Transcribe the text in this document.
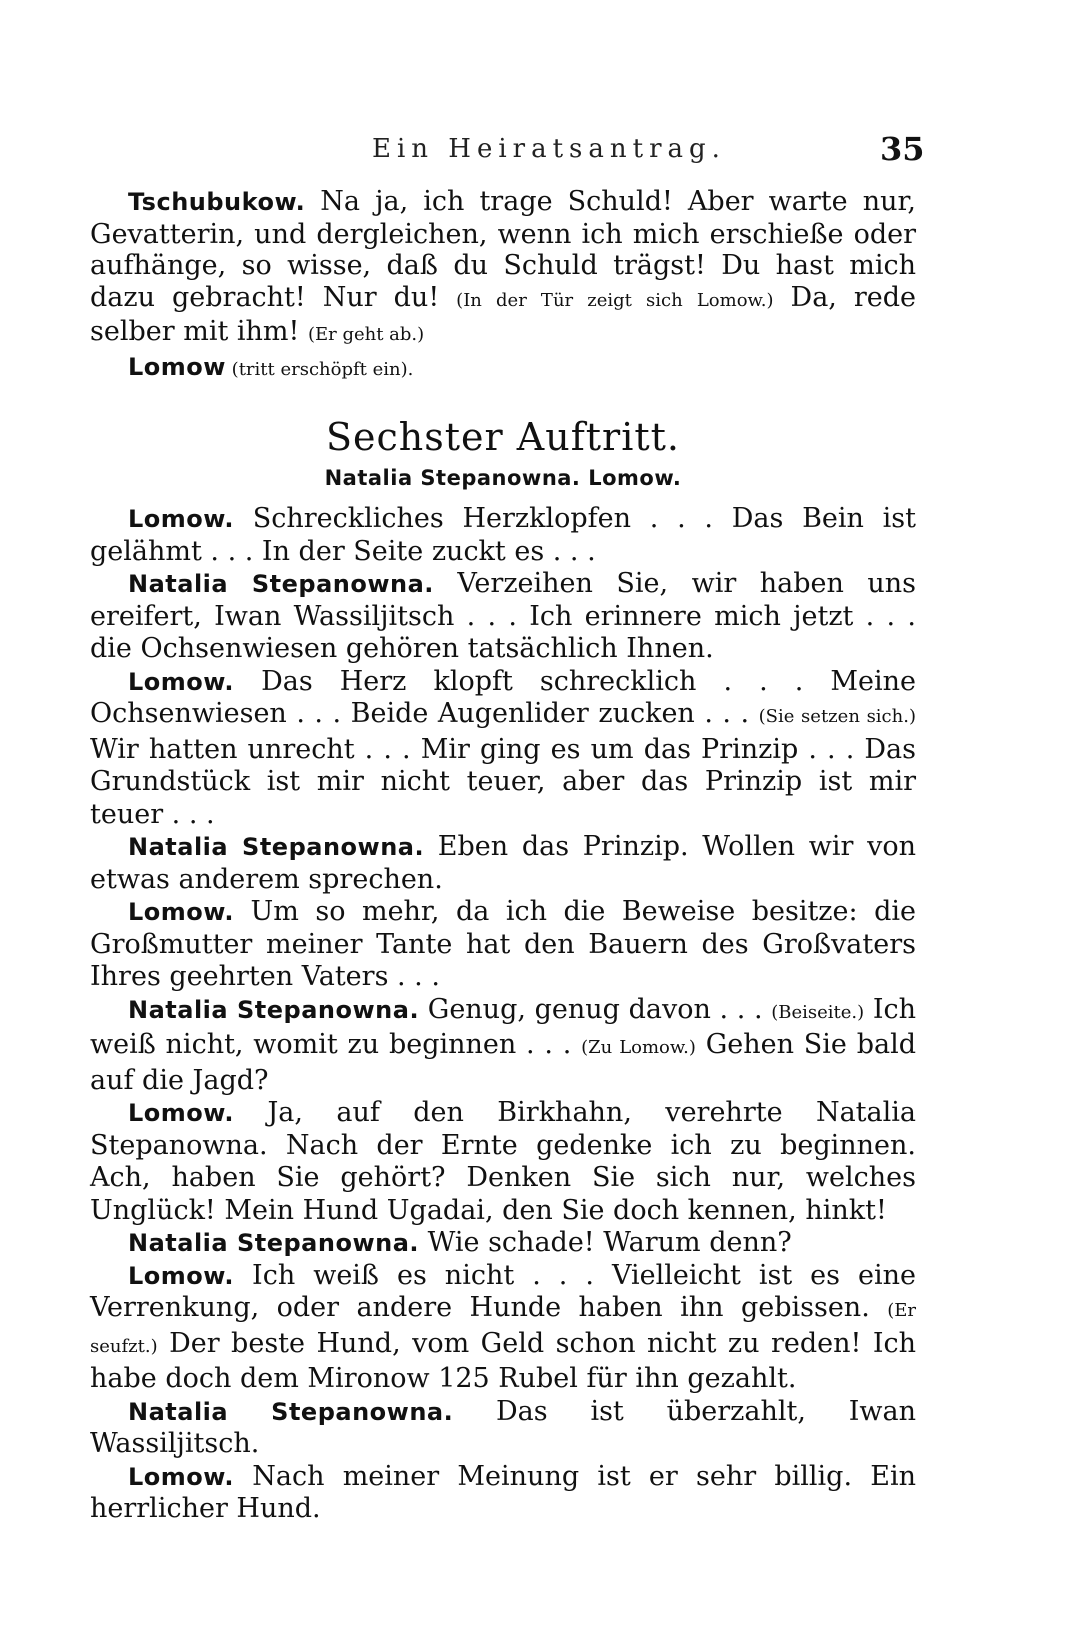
Ein Heiratsantrag.	35

Tschubukow. Na ja, ich trage Schuld! Aber warte nur, Gevatterin, und dergleichen, wenn ich mich erschieße oder aufhänge, so wisse, daß du Schuld trägst! Du hast mich dazu gebracht! Nur du! (In der Tür zeigt sich Lomow.) Da, rede selber mit ihm! (Er geht ab.)

Lomow (tritt erschöpft ein).

Sechster Auftritt.
Natalia Stepanowna. Lomow.

Lomow. Schreckliches Herzklopfen . . . Das Bein ist gelähmt . . . In der Seite zuckt es . . .

Natalia Stepanowna. Verzeihen Sie, wir haben uns ereifert, Iwan Wassiljitsch . . . Ich erinnere mich jetzt . . . die Ochsenwiesen gehören tatsächlich Ihnen.

Lomow. Das Herz klopft schrecklich . . . Meine Ochsenwiesen . . . Beide Augenlider zucken . . . (Sie setzen sich.) Wir hatten unrecht . . . Mir ging es um das Prinzip . . . Das Grundstück ist mir nicht teuer, aber das Prinzip ist mir teuer . . .

Natalia Stepanowna. Eben das Prinzip. Wollen wir von etwas anderem sprechen.

Lomow. Um so mehr, da ich die Beweise besitze: die Großmutter meiner Tante hat den Bauern des Großvaters Ihres geehrten Vaters . . .

Natalia Stepanowna. Genug, genug davon . . . (Beiseite.) Ich weiß nicht, womit zu beginnen . . . (Zu Lomow.) Gehen Sie bald auf die Jagd?

Lomow. Ja, auf den Birkhahn, verehrte Natalia Stepanowna. Nach der Ernte gedenke ich zu beginnen. Ach, haben Sie gehört? Denken Sie sich nur, welches Unglück! Mein Hund Ugadai, den Sie doch kennen, hinkt!

Natalia Stepanowna. Wie schade! Warum denn?

Lomow. Ich weiß es nicht . . . Vielleicht ist es eine Verrenkung, oder andere Hunde haben ihn gebissen. (Er seufzt.) Der beste Hund, vom Geld schon nicht zu reden! Ich habe doch dem Mironow 125 Rubel für ihn gezahlt.

Natalia Stepanowna. Das ist überzahlt, Iwan Wassiljitsch.

Lomow. Nach meiner Meinung ist er sehr billig. Ein herrlicher Hund.
